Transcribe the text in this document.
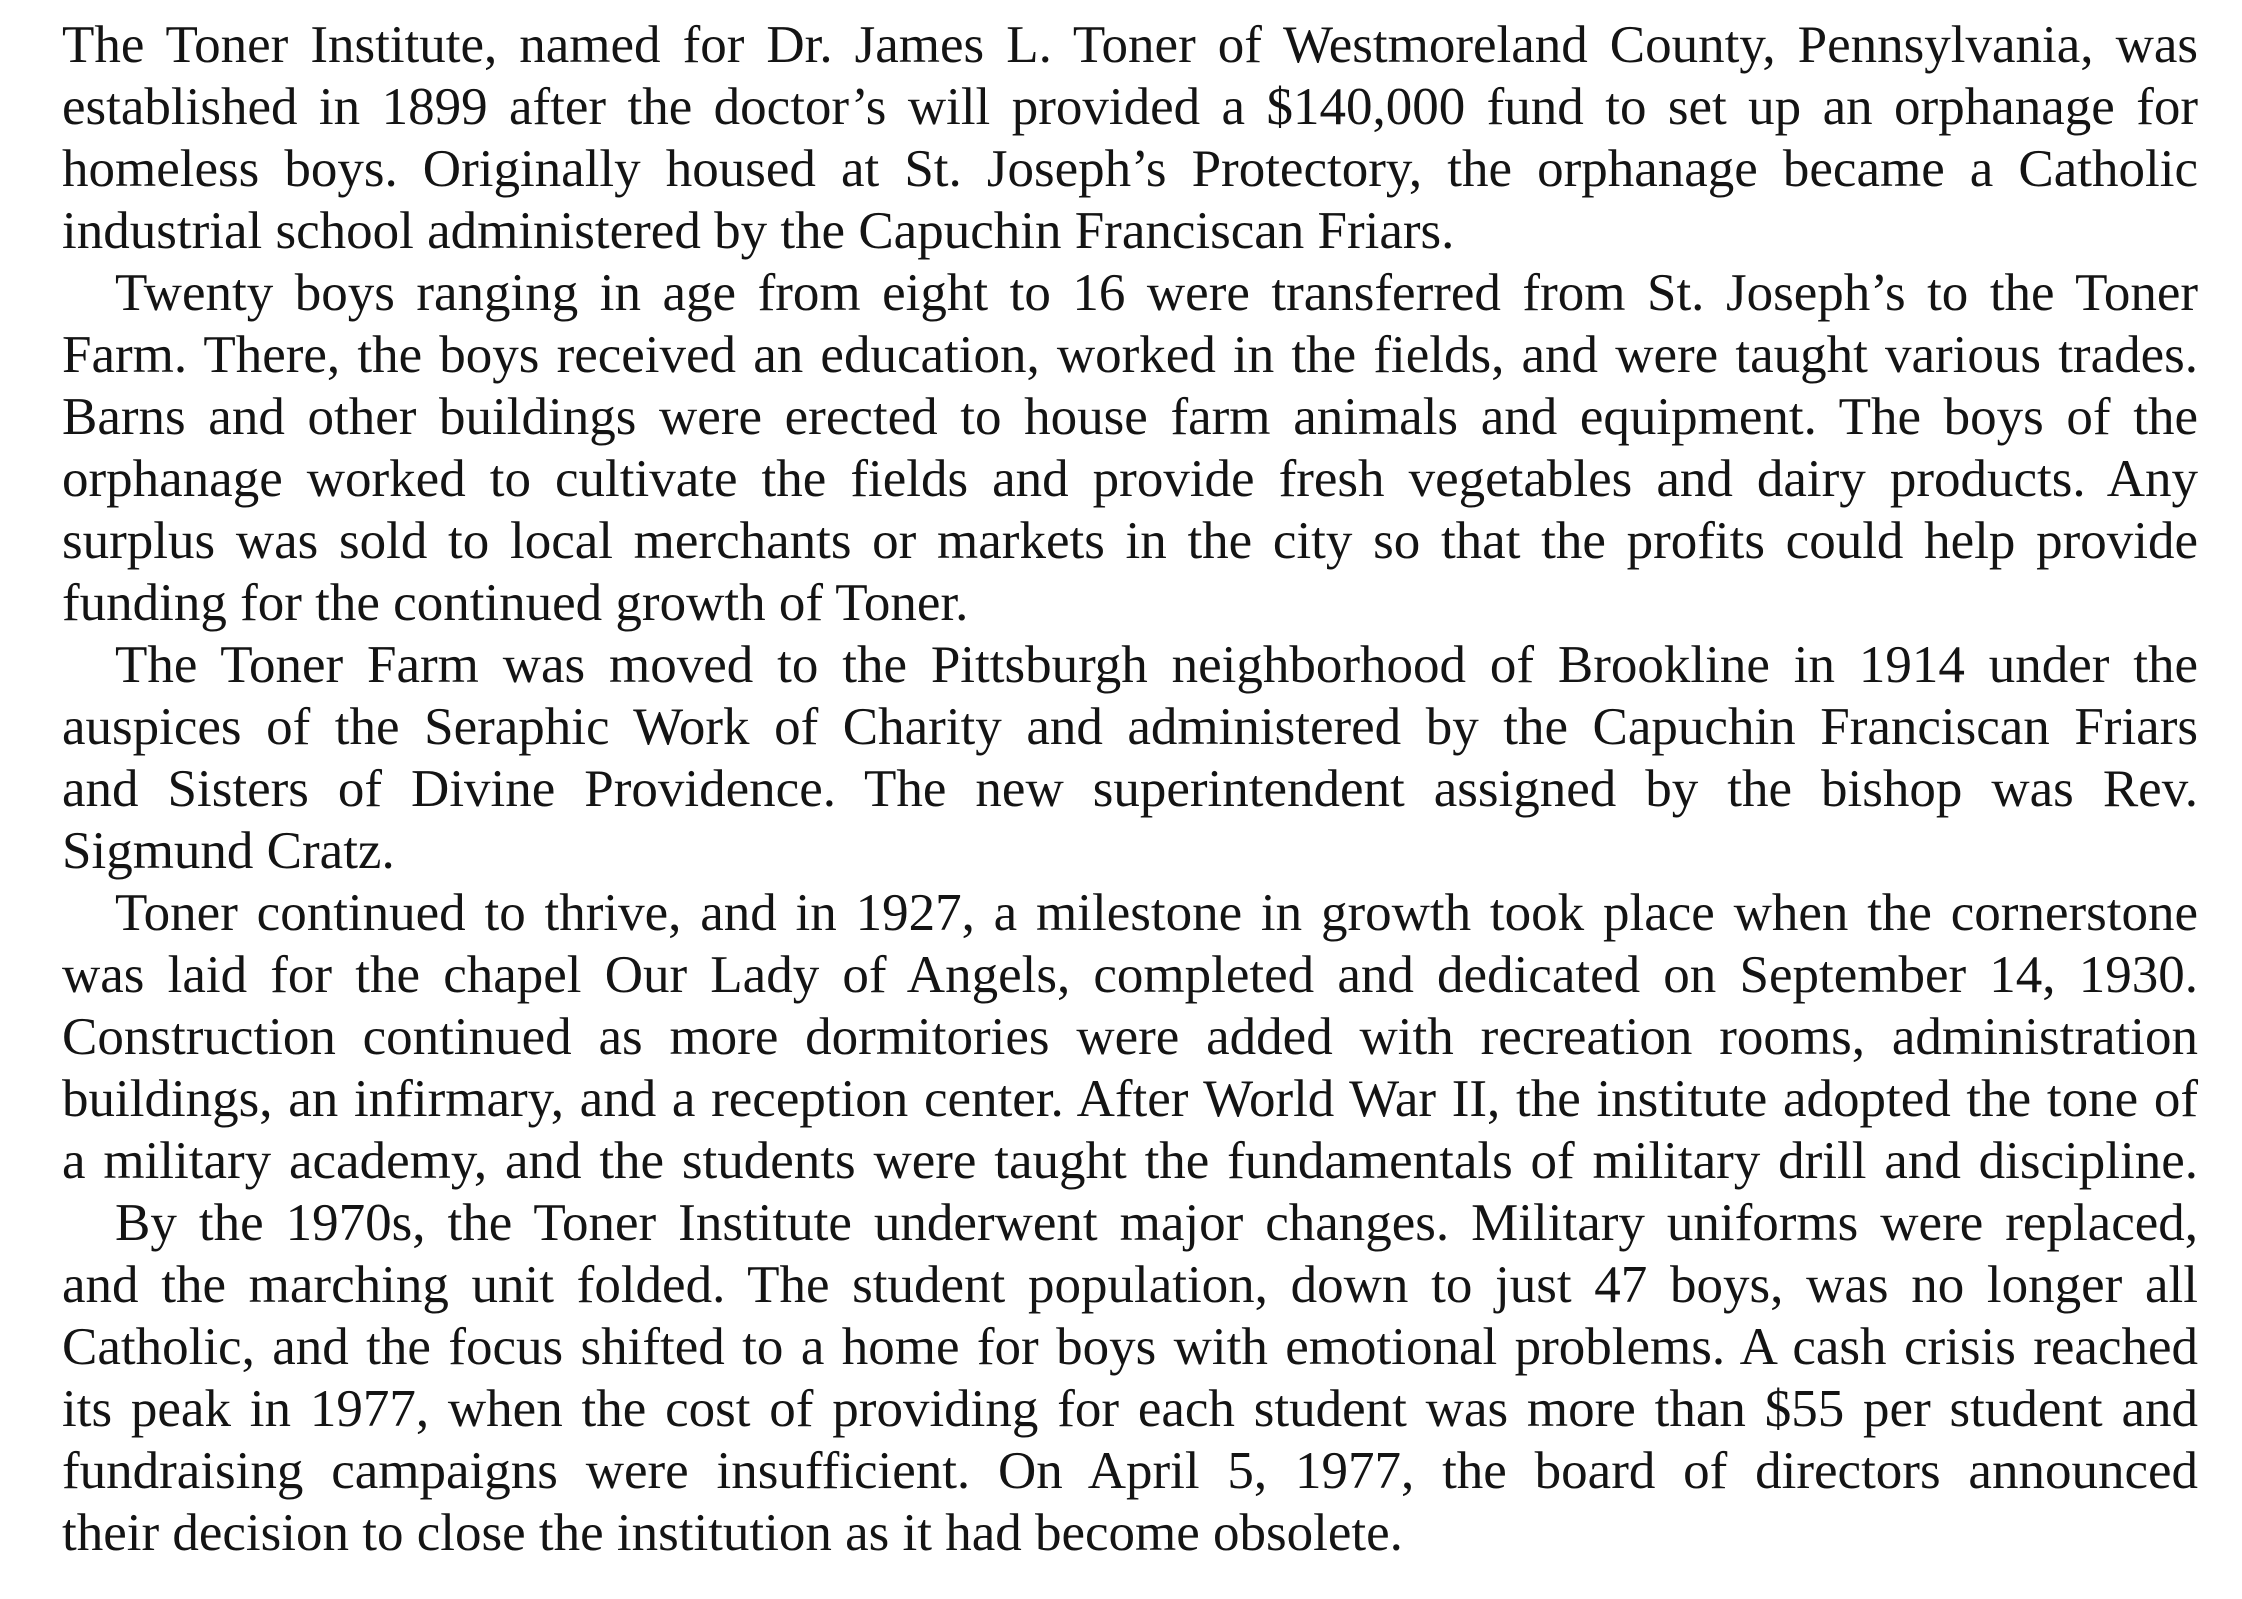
The Toner Institute, named for Dr. James L. Toner of Westmoreland County, Pennsylvania, was
established in 1899 after the doctor’s will provided a $140,000 fund to set up an orphanage for
homeless boys. Originally housed at St. Joseph’s Protectory, the orphanage became a Catholic
industrial school administered by the Capuchin Franciscan Friars.
Twenty boys ranging in age from eight to 16 were transferred from St. Joseph’s to the Toner
Farm. There, the boys received an education, worked in the fields, and were taught various trades.
Barns and other buildings were erected to house farm animals and equipment. The boys of the
orphanage worked to cultivate the fields and provide fresh vegetables and dairy products. Any
surplus was sold to local merchants or markets in the city so that the profits could help provide
funding for the continued growth of Toner.
The Toner Farm was moved to the Pittsburgh neighborhood of Brookline in 1914 under the
auspices of the Seraphic Work of Charity and administered by the Capuchin Franciscan Friars
and Sisters of Divine Providence. The new superintendent assigned by the bishop was Rev.
Sigmund Cratz.
Toner continued to thrive, and in 1927, a milestone in growth took place when the cornerstone
was laid for the chapel Our Lady of Angels, completed and dedicated on September 14, 1930.
Construction continued as more dormitories were added with recreation rooms, administration
buildings, an infirmary, and a reception center. After World War II, the institute adopted the tone of
a military academy, and the students were taught the fundamentals of military drill and discipline.
By the 1970s, the Toner Institute underwent major changes. Military uniforms were replaced,
and the marching unit folded. The student population, down to just 47 boys, was no longer all
Catholic, and the focus shifted to a home for boys with emotional problems. A cash crisis reached
its peak in 1977, when the cost of providing for each student was more than $55 per student and
fundraising campaigns were insufficient. On April 5, 1977, the board of directors announced
their decision to close the institution as it had become obsolete.
